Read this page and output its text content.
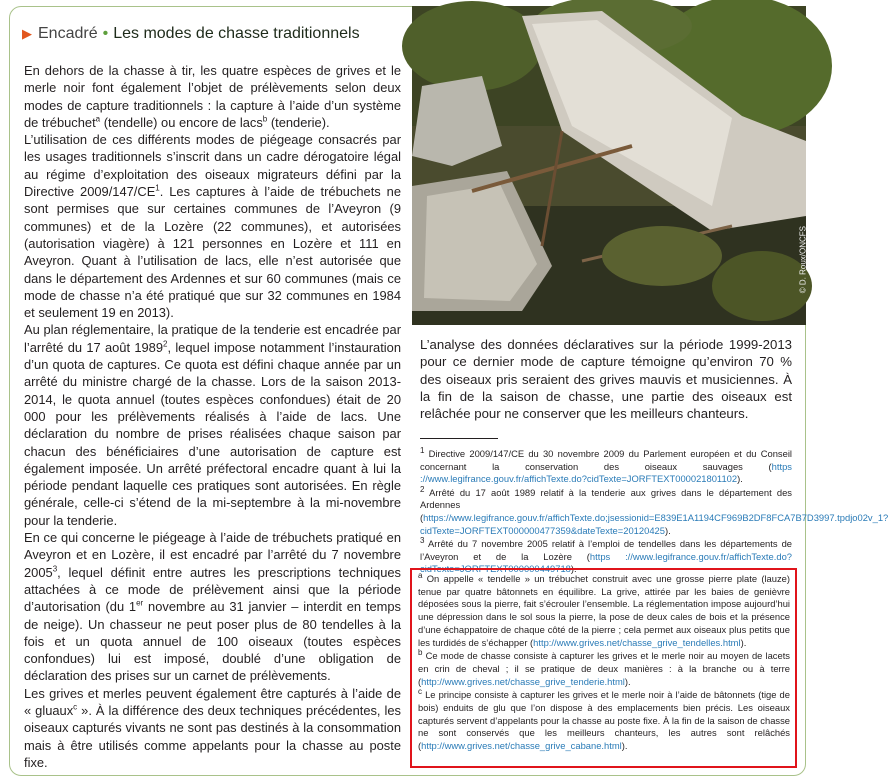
▶ Encadré • Les modes de chasse traditionnels

En dehors de la chasse à tir, les quatre espèces de grives et le merle noir font également l’objet de prélèvements selon deux modes de capture traditionnels : la capture à l’aide d’un système de trébuchet$^a$ (tendelle) ou encore de lacs$^b$ (tenderie).

L’utilisation de ces différents modes de piégeage consacrés par les usages traditionnels s’inscrit dans un cadre dérogatoire légal au régime d’exploitation des oiseaux migrateurs défini par la Directive $2009/147/CE^1$. Les captures à l’aide de trébuchets ne sont permises que sur certaines communes de l’Aveyron (9 communes) et de la Lozère (22 communes), et autorisées (autorisation viagère) à 121 personnes en Lozère et 111 en Aveyron. Quant à l’utilisation de lacs, elle n’est autorisée que dans le département des Ardennes et sur 60 communes (mais ce mode de chasse n’a été pratiqué que sur 32 communes en 1984 et seulement 19 en 2013).

Au plan réglementaire, la pratique de la tenderie est encadrée par l’arrêté du 17 août 1989$^2$, lequel impose notamment l’instauration d’un quota de captures. Ce quota est défini chaque année par un arrêté du ministre chargé de la chasse. Lors de la saison 2013-2014, le quota annuel (toutes espèces confondues) était de 20 000 pour les prélèvements réalisés à l’aide de lacs. Une déclaration du nombre de prises réalisées chaque saison par chacun des bénéficiaires d’une autorisation de capture est également imposée. Un arrêté préfectoral encadre quant à lui la période pendant laquelle ces pratiques sont autorisées. En règle générale, celle-ci s’étend de la mi-septembre à la mi-novembre pour la tenderie.

En ce qui concerne le piégeage à l’aide de trébuchets pratiqué en Aveyron et en Lozère, il est encadré par l’arrêté du 7 novembre 2005$^3$, lequel définit entre autres les prescriptions techniques attachées à ce mode de prélèvement ainsi que la période d’autorisation (du 1er novembre au 31 janvier – interdit en temps de neige). Un chasseur ne peut poser plus de 80 tendelles à la fois et un quota annuel de 100 oiseaux (toutes espèces confondues) lui est imposé, doublé d’une obligation de déclaration des prises sur un carnet de prélèvements.

Les grives et merles peuvent également être capturés à l’aide de « gluaux$^c$ ». À la différence des deux techniques précédentes, les oiseaux capturés vivants ne sont pas destinés à la consommation mais à être utilisés comme appelants pour la chasse au poste fixe.

© D. Roux/ONCFS
L’analyse des données déclaratives sur la période 1999-2013 pour ce dernier mode de capture témoigne qu’environ 70 % des oiseaux pris seraient des grives mauvis et musiciennes. À la fin de la saison de chasse, une partie des oiseaux est relâchée pour ne conserver que les meilleurs chanteurs.

$^1$ Directive 2009/147/CE du 30 novembre 2009 du Parlement européen et du Conseil concernant la conservation des oiseaux sauvages (https ://www.legifrance.gouv.fr/affichTexte.do?cidTexte=JORFTEXT000021801102).

$^2$ Arrêté du 17 août 1989 relatif à la tenderie aux grives dans le département des Ardennes (https://www.legifrance.gouv.fr/affichTexte.do;jsessionid=E839E1A1194CF969B2DF8FCA7B7D3997.tpdjo02v_1?cidTexte=JORFTEXT000000477359&dateTexte=20120425).

$^3$ Arrêté du 7 novembre 2005 relatif à l’emploi de tendelles dans les départements de l’Aveyron et de la Lozère (https ://www.legifrance.gouv.fr/affichTexte.do?cidTexte=JORFTEXT000000449718).

$^a$ On appelle « tendelle » un trébuchet construit avec une grosse pierre plate (lauze) tenue par quatre bâtonnets en équilibre. La grive, attirée par les baies de genièvre déposées sous la pierre, fait s’écrouler l’ensemble. La réglementation impose aujourd’hui une dépression dans le sol sous la pierre, la pose de deux cales de bois et la présence d’une échappatoire de chaque côté de la pierre ; cela permet aux oiseaux plus petits que les turdidés de s’échapper (http://www.grives.net/chasse_grive_tendelles.html).

$^b$ Ce mode de chasse consiste à capturer les grives et le merle noir au moyen de lacets en crin de cheval ; il se pratique de deux manières : à la branche ou à terre (http://www.grives.net/chasse_grive_tenderie.html).

$^c$ Le principe consiste à capturer les grives et le merle noir à l’aide de bâtonnets (tige de bois) enduits de glu que l’on dispose à des emplacements bien précis. Les oiseaux capturés servent d’appelants pour la chasse au poste fixe. À la fin de la saison de chasse ne sont conservés que les meilleurs chanteurs, les autres sont relâchés (http://www.grives.net/chasse_grive_cabane.html).
